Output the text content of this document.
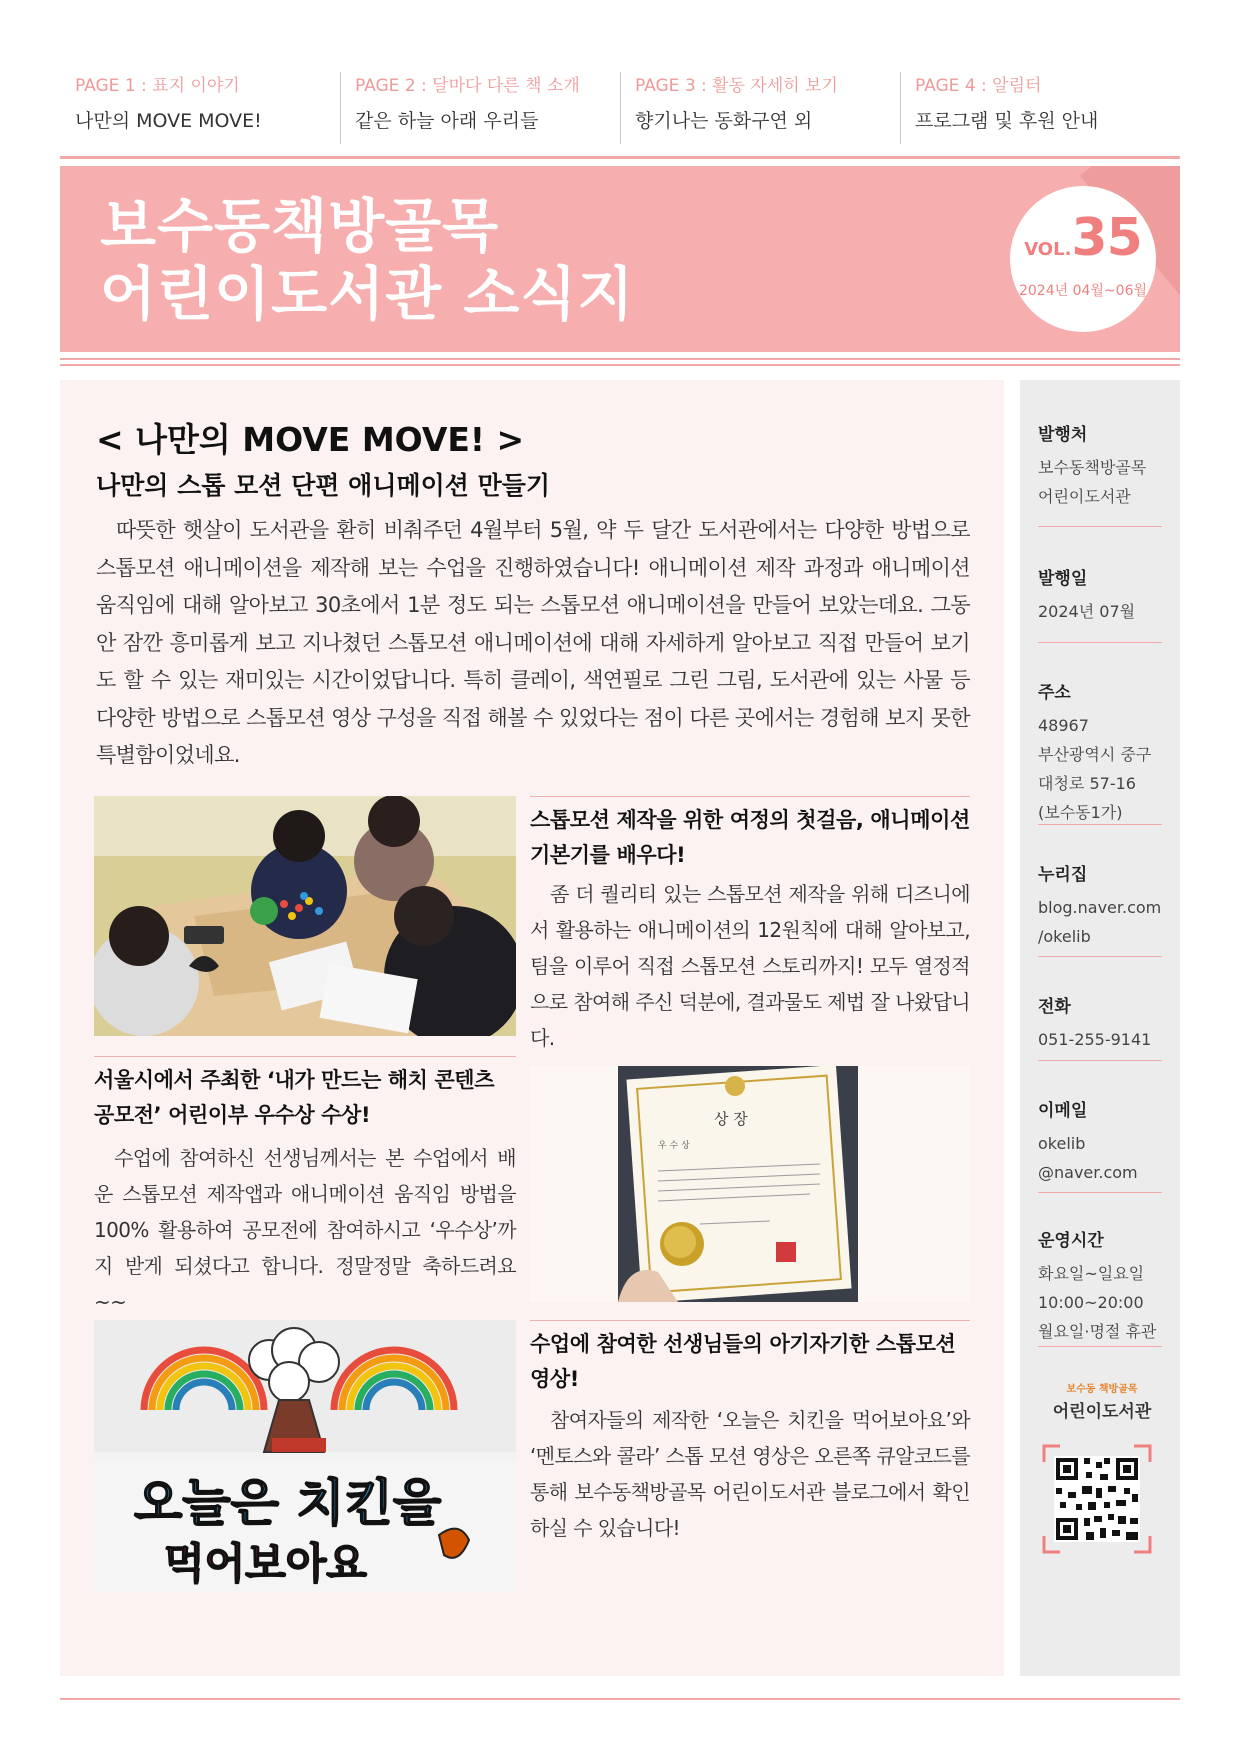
PAGE 1 : 표지 이야기
나만의 MOVE MOVE!
PAGE 2 : 달마다 다른 책 소개
같은 하늘 아래 우리들
PAGE 3 : 활동 자세히 보기
향기나는 동화구연 외
PAGE 4 : 알림터
프로그램 및 후원 안내
보수동책방골목
어린이도서관 소식지
VOL.35
2024년 04월~06월
< 나만의 MOVE MOVE! >
나만의 스톱 모션 단편 애니메이션 만들기
따뜻한 햇살이 도서관을 환히 비춰주던 4월부터 5월, 약 두 달간 도서관에서는 다양한 방법으로 스톱모션 애니메이션을 제작해 보는 수업을 진행하였습니다! 애니메이션 제작 과정과 애니메이션 움직임에 대해 알아보고 30초에서 1분 정도 되는 스톱모션 애니메이션을 만들어 보았는데요. 그동안 잠깐 흥미롭게 보고 지나쳤던 스톱모션 애니메이션에 대해 자세하게 알아보고 직접 만들어 보기도 할 수 있는 재미있는 시간이었답니다. 특히 클레이, 색연필로 그린 그림, 도서관에 있는 사물 등 다양한 방법으로 스톱모션 영상 구성을 직접 해볼 수 있었다는 점이 다른 곳에서는 경험해 보지 못한 특별함이었네요.
스톱모션 제작을 위한 여정의 첫걸음, 애니메이션 기본기를 배우다!
좀 더 퀄리티 있는 스톱모션 제작을 위해 디즈니에서 활용하는 애니메이션의 12원칙에 대해 알아보고, 팀을 이루어 직접 스톱모션 스토리까지! 모두 열정적으로 참여해 주신 덕분에, 결과물도 제법 잘 나왔답니다.
서울시에서 주최한 ‘내가 만드는 해치 콘텐츠 공모전’ 어린이부 우수상 수상!
수업에 참여하신 선생님께서는 본 수업에서 배운 스톱모션 제작앱과 애니메이션 움직임 방법을 100% 활용하여 공모전에 참여하시고 ‘우수상’까지 받게 되셨다고 합니다. 정말정말 축하드려요~~
상 장
우 수 상
오늘은 치킨을
먹어보아요
수업에 참여한 선생님들의 아기자기한 스톱모션 영상!
참여자들의 제작한 ‘오늘은 치킨을 먹어보아요’와 ‘멘토스와 콜라’ 스톱 모션 영상은 오른쪽 큐알코드를 통해 보수동책방골목 어린이도서관 블로그에서 확인하실 수 있습니다!
발행처
보수동책방골목
어린이도서관
발행일
2024년 07월
주소
48967
부산광역시 중구
대청로 57-16
(보수동1가)
누리집
blog.naver.com
/okelib
전화
051-255-9141
이메일
okelib
@naver.com
운영시간
화요일~일요일
10:00~20:00
월요일·명절 휴관
보수동 책방골목
어린이도서관
